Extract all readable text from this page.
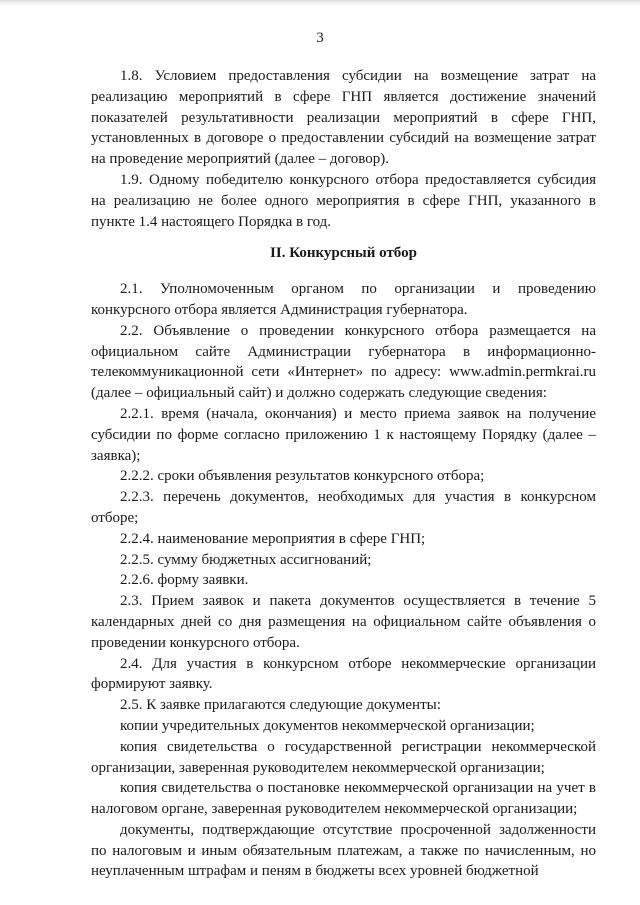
3

1.8. Условием предоставления субсидии на возмещение затрат на реализацию мероприятий в сфере ГНП является достижение значений показателей результативности реализации мероприятий в сфере ГНП, установленных в договоре о предоставлении субсидий на возмещение затрат на проведение мероприятий (далее – договор).

1.9. Одному победителю конкурсного отбора предоставляется субсидия на реализацию не более одного мероприятия в сфере ГНП, указанного в пункте 1.4 настоящего Порядка в год.

II. Конкурсный отбор

2.1. Уполномоченным органом по организации и проведению конкурсного отбора является Администрация губернатора.

2.2. Объявление о проведении конкурсного отбора размещается на официальном сайте Администрации губернатора в информационно-телекоммуникационной сети «Интернет» по адресу: www.admin.permkrai.ru (далее – официальный сайт) и должно содержать следующие сведения:

2.2.1. время (начала, окончания) и место приема заявок на получение субсидии по форме согласно приложению 1 к настоящему Порядку (далее – заявка);

2.2.2. сроки объявления результатов конкурсного отбора;

2.2.3. перечень документов, необходимых для участия в конкурсном отборе;

2.2.4. наименование мероприятия в сфере ГНП;

2.2.5. сумму бюджетных ассигнований;

2.2.6. форму заявки.

2.3. Прием заявок и пакета документов осуществляется в течение 5 календарных дней со дня размещения на официальном сайте объявления о проведении конкурсного отбора.

2.4. Для участия в конкурсном отборе некоммерческие организации формируют заявку.

2.5. К заявке прилагаются следующие документы:

копии учредительных документов некоммерческой организации;

копия свидетельства о государственной регистрации некоммерческой организации, заверенная руководителем некоммерческой организации;

копия свидетельства о постановке некоммерческой организации на учет в налоговом органе, заверенная руководителем некоммерческой организации;

документы, подтверждающие отсутствие просроченной задолженности по налоговым и иным обязательным платежам, а также по начисленным, но неуплаченным штрафам и пеням в бюджеты всех уровней бюджетной
